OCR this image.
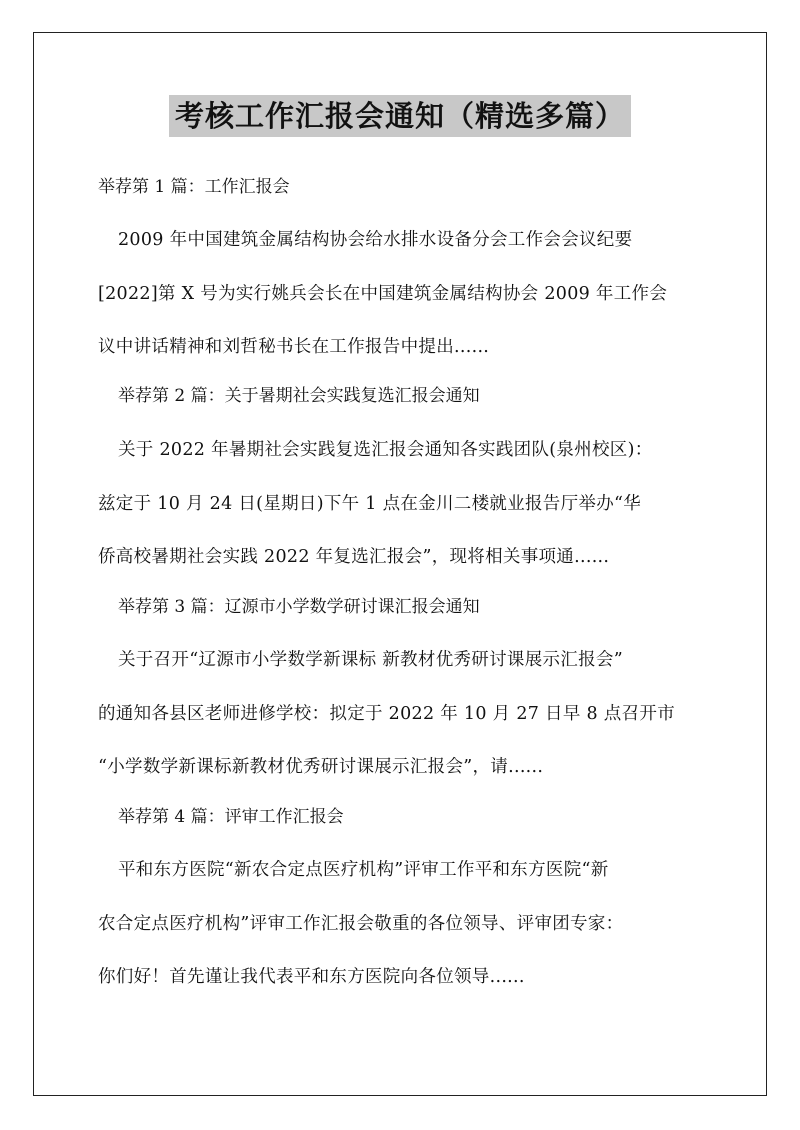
考核工作汇报会通知（精选多篇）
举荐第 1 篇：工作汇报会
2009 年中国建筑金属结构协会给水排水设备分会工作会会议纪要
[2022]第 X 号为实行姚兵会长在中国建筑金属结构协会 2009 年工作会
议中讲话精神和刘哲秘书长在工作报告中提出......
举荐第 2 篇：关于暑期社会实践复选汇报会通知
关于 2022 年暑期社会实践复选汇报会通知各实践团队(泉州校区)：
兹定于 10 月 24 日(星期日)下午 1 点在金川二楼就业报告厅举办“华
侨高校暑期社会实践 2022 年复选汇报会”，现将相关事项通......
举荐第 3 篇：辽源市小学数学研讨课汇报会通知
关于召开“辽源市小学数学新课标 新教材优秀研讨课展示汇报会”
的通知各县区老师进修学校：拟定于 2022 年 10 月 27 日早 8 点召开市
“小学数学新课标新教材优秀研讨课展示汇报会”，请......
举荐第 4 篇：评审工作汇报会
平和东方医院“新农合定点医疗机构”评审工作平和东方医院“新
农合定点医疗机构”评审工作汇报会敬重的各位领导、评审团专家：
你们好！首先谨让我代表平和东方医院向各位领导......
